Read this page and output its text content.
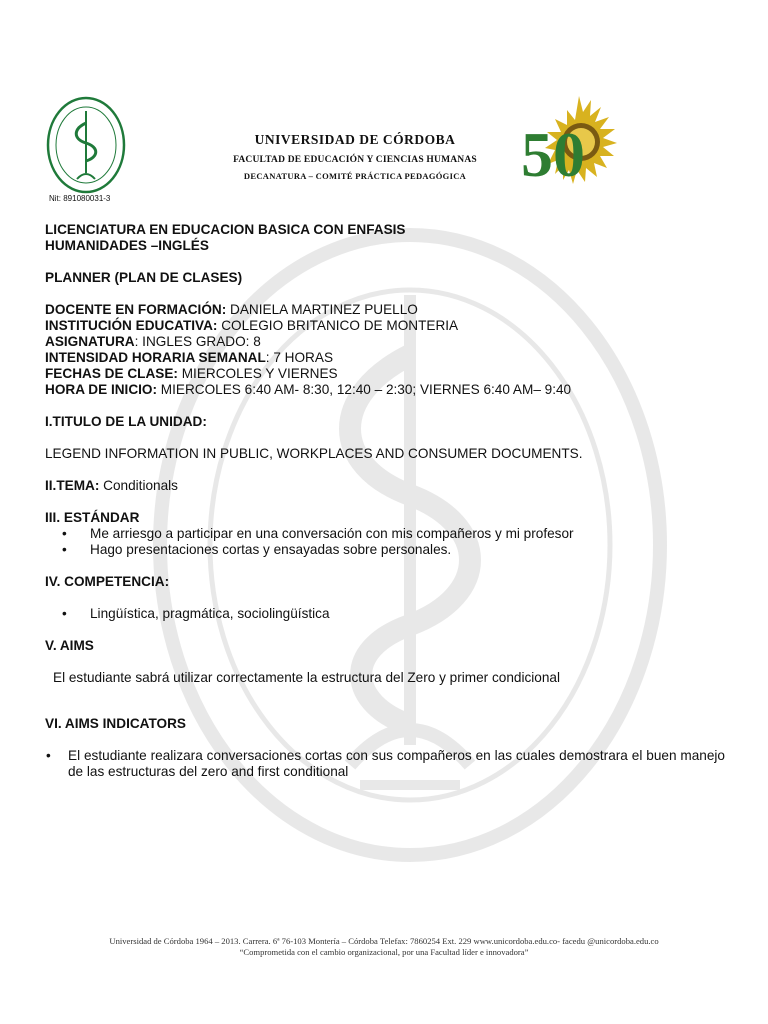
Nit: 891080031-3
UNIVERSIDAD DE CÓRDOBA
FACULTAD DE EDUCACIÓN Y CIENCIAS HUMANAS
DECANATURA – COMITÉ PRÁCTICA PEDAGÓGICA 50

LICENCIATURA EN EDUCACION BASICA CON ENFASIS

HUMANIDADES –INGLÉS

PLANNER (PLAN DE CLASES)

DOCENTE EN FORMACIÓN: DANIELA MARTINEZ PUELLO

INSTITUCIÓN EDUCATIVA: COLEGIO BRITANICO DE MONTERIA

ASIGNATURA: INGLES GRADO: 8

INTENSIDAD HORARIA SEMANAL: 7 HORAS

FECHAS DE CLASE: MIERCOLES Y VIERNES

HORA DE INICIO: MIERCOLES 6:40 AM- 8:30, 12:40 – 2:30; VIERNES 6:40 AM– 9:40

I.TITULO DE LA UNIDAD:

LEGEND INFORMATION IN PUBLIC, WORKPLACES AND CONSUMER DOCUMENTS.

II.TEMA: Conditionals

III. ESTÁNDAR

• Me arriesgo a participar en una conversación con mis compañeros y mi profesor
• Hago presentaciones cortas y ensayadas sobre personales.

IV. COMPETENCIA:

• Lingüística, pragmática, sociolingüística

V. AIMS

El estudiante sabrá utilizar correctamente la estructura del Zero y primer condicional

VI. AIMS INDICATORS

• El estudiante realizara conversaciones cortas con sus compañeros en las cuales demostrara el buen manejo de las estructuras del zero and first conditional
Universidad de Córdoba 1964 – 2013. Carrera. 6ª 76-103 Montería – Córdoba Telefax: 7860254 Ext. 229 www.unicordoba.edu.co- facedu @unicordoba.edu.co
“Comprometida con el cambio organizacional, por una Facultad líder e innovadora”
